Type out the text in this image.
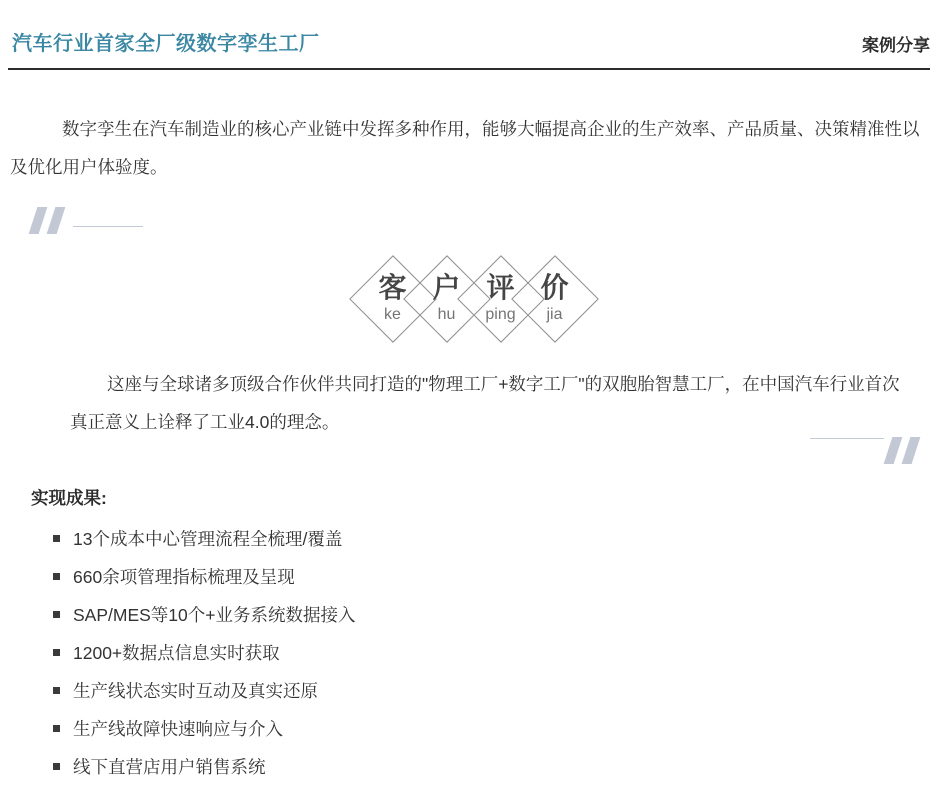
汽车行业首家全厂级数字孪生工厂	案例分享

数字孪生在汽车制造业的核心产业链中发挥多种作用，能够大幅提高企业的生产效率、产品质量、决策精准性以及优化用户体验度。

客
ke
户
hu
评
ping
价
jia

这座与全球诸多顶级合作伙伴共同打造的"物理工厂+数字工厂"的双胞胎智慧工厂，在中国汽车行业首次真正意义上诠释了工业4.0的理念。

实现成果:
13个成本中心管理流程全梳理/覆盖
660余项管理指标梳理及呈现
SAP/MES等10个+业务系统数据接入
1200+数据点信息实时获取
生产线状态实时互动及真实还原
生产线故障快速响应与介入
线下直营店用户销售系统
